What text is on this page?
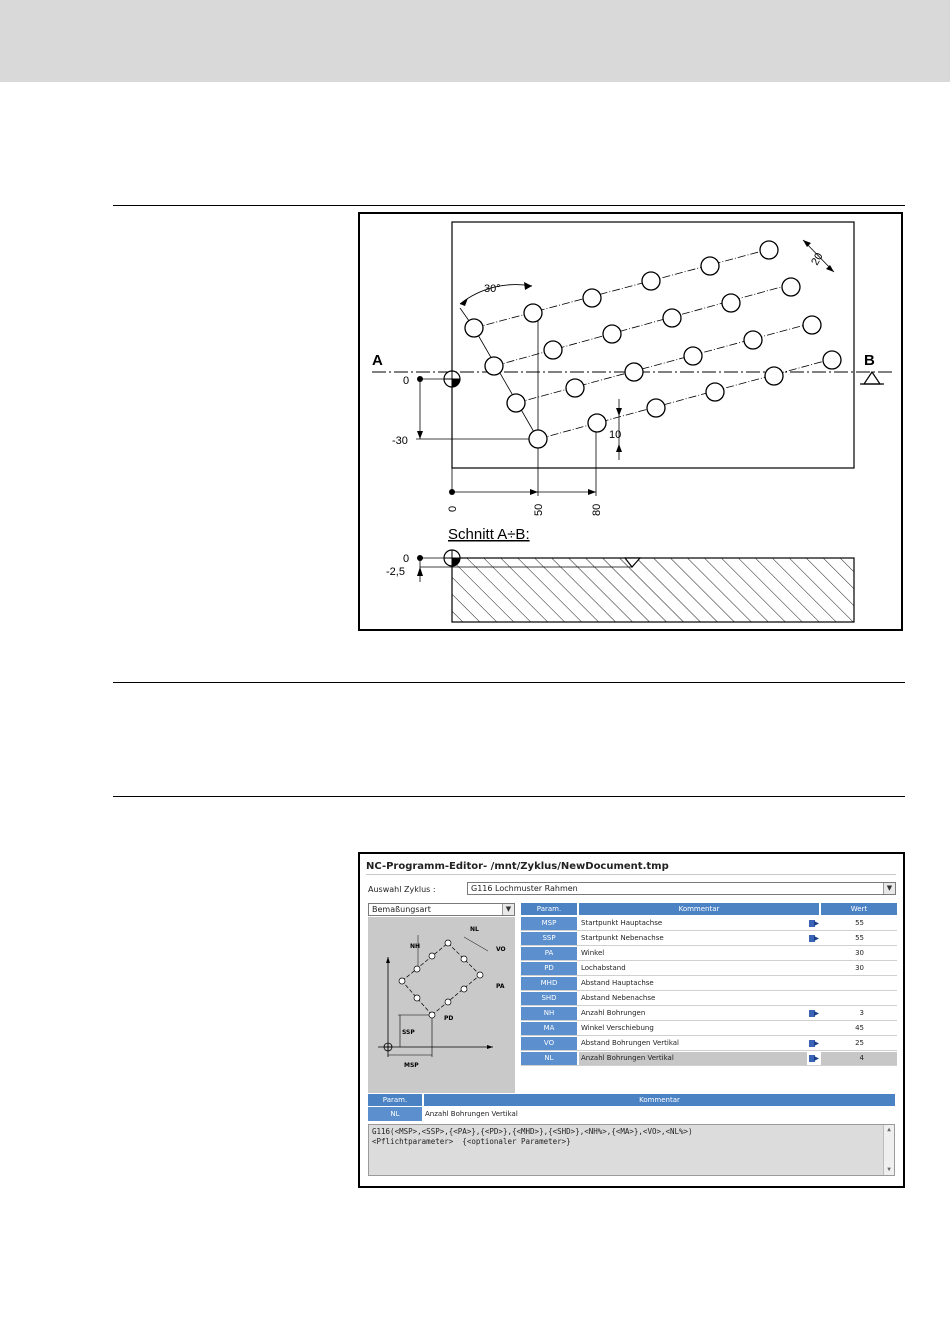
A	B
0
-30
0	50	80
30°
20
10
Schnitt A÷B:
0
-2,5
NC-Programm-Editor- /mnt/Zyklus/NewDocument.tmp
Auswahl Zyklus :	G116 Lochmuster Rahmen	▼
Bemaßungsart	▼
NH
NL
VO
PA
PD
SSP
MSP
Param.	Kommentar	Wert
MSP	Startpunkt Hauptachse	55
SSP	Startpunkt Nebenachse	55
PA	Winkel	30
PD	Lochabstand	30
MHD	Abstand Hauptachse
SHD	Abstand Nebenachse
NH	Anzahl Bohrungen	3
MA	Winkel Verschiebung	45
VO	Abstand Bohrungen Vertikal	25
NL	Anzahl Bohrungen Vertikal	4
Param.	Kommentar
NL	Anzahl Bohrungen Vertikal
G116(<MSP>,<SSP>,{<PA>},{<PD>},{<MHD>},{<SHD>},<NH%>,{<MA>},<VO>,<NL%>)
<Pflichtparameter>  {<optionaler Parameter>}
▲
▼
